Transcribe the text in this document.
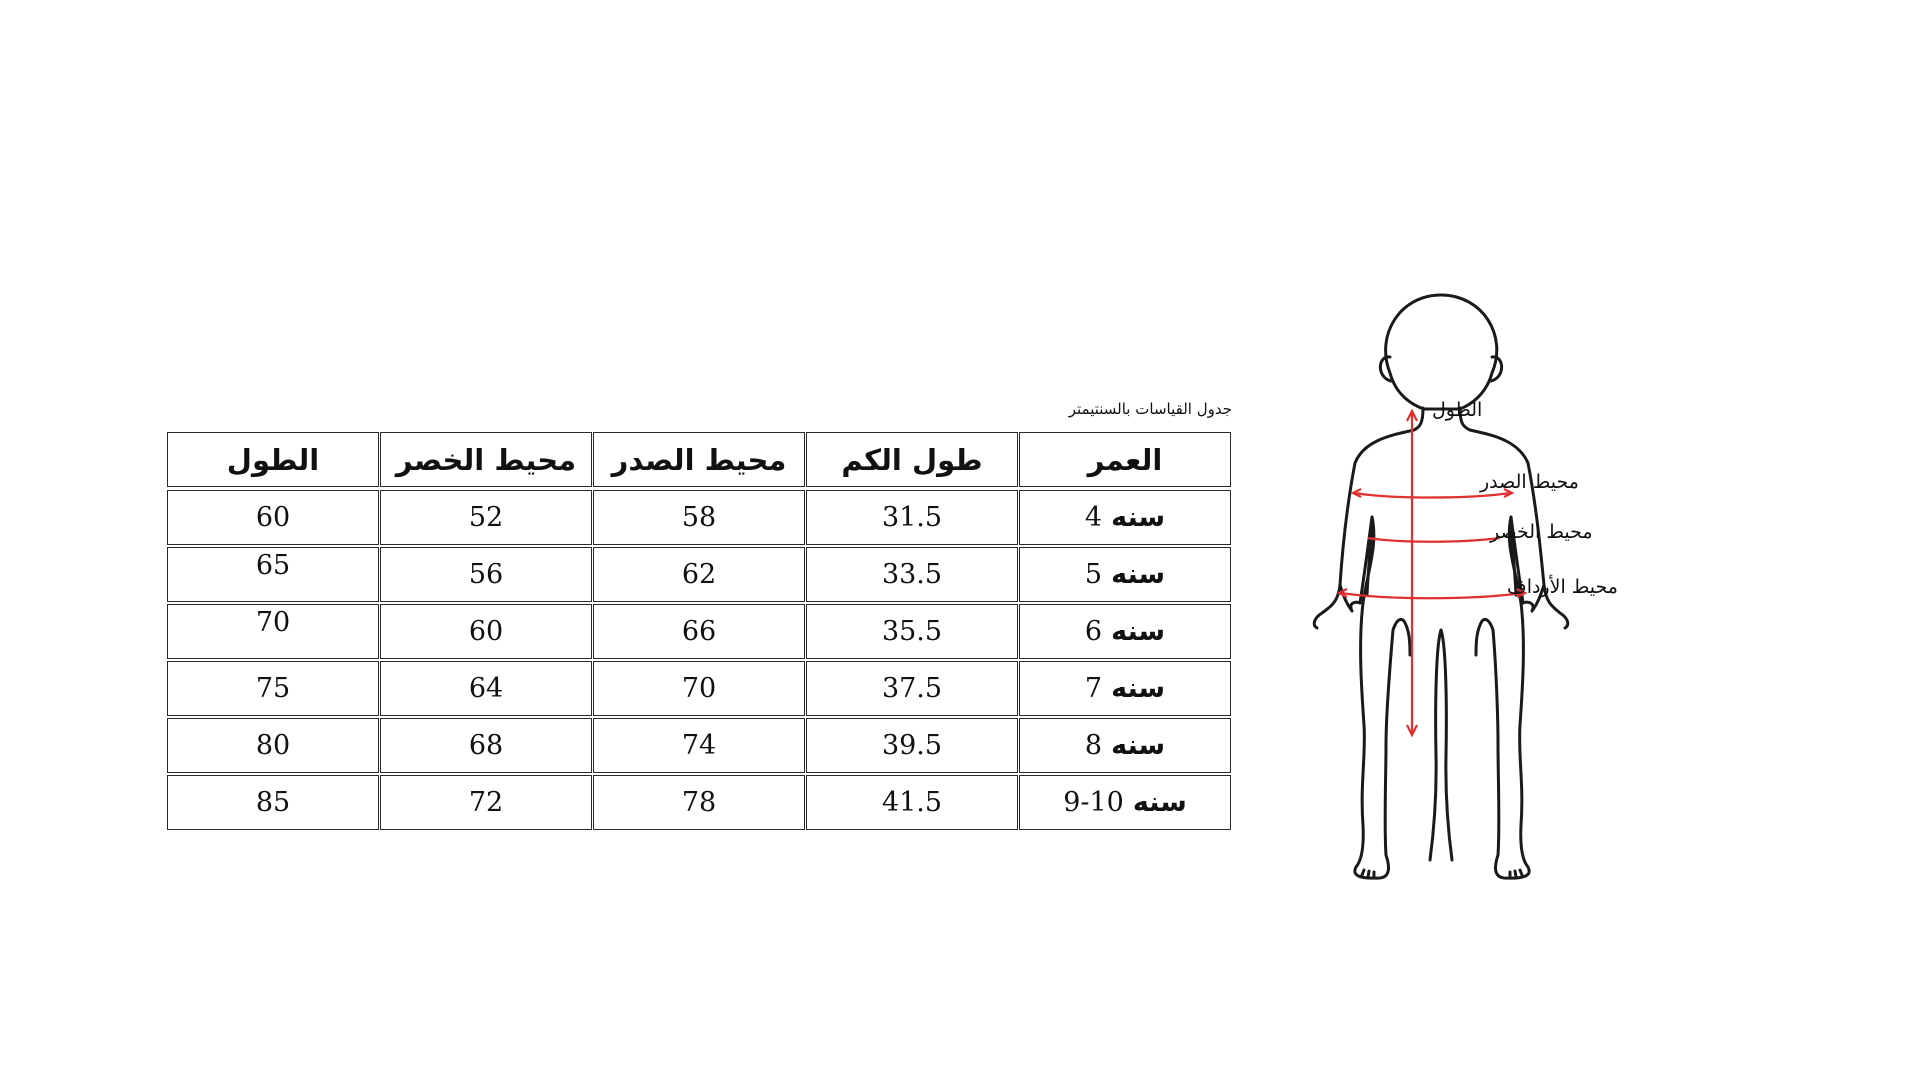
جدول القياسات بالسنتيمتر
العمر
طول الكم
محيط الصدر
محيط الخصر
الطول
4 سنه
31.5
58
52
60
5 سنه
33.5
62
56
65
6 سنه
35.5
66
60
70
7 سنه
37.5
70
64
75
8 سنه
39.5
74
68
80
9-10 سنه
41.5
78
72
85
الطول
محيط الصدر
محيط الخصر
محيط الأرداف
